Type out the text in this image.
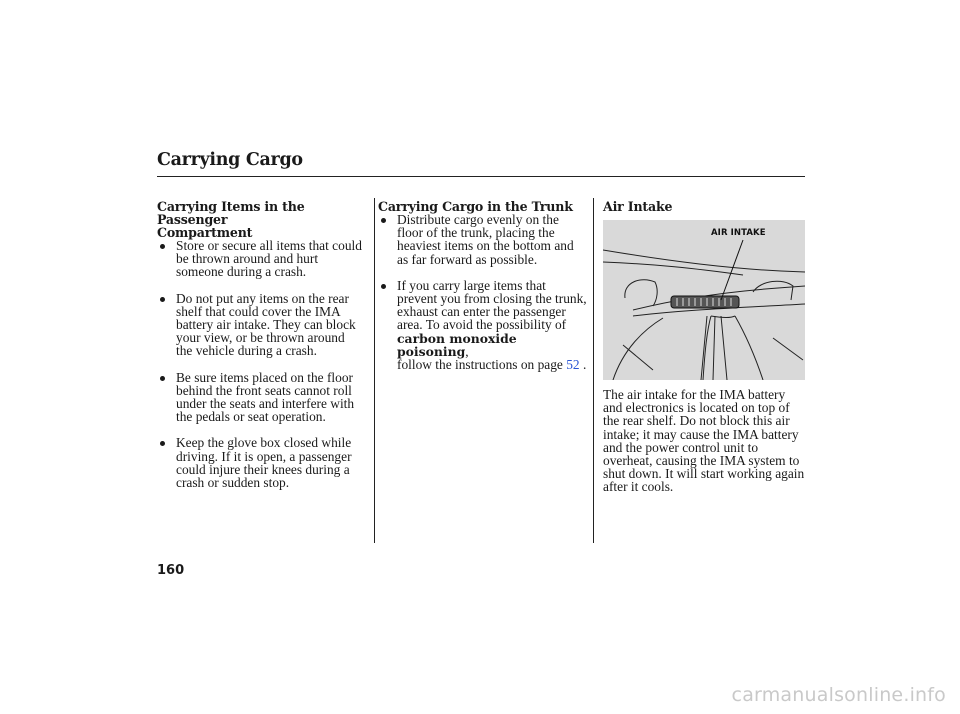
Carrying Cargo
Carrying Items in the Passenger
Compartment
Store or secure all items that could
be thrown around and hurt
someone during a crash.
Do not put any items on the rear
shelf that could cover the IMA
battery air intake. They can block
your view, or be thrown around
the vehicle during a crash.
Be sure items placed on the floor
behind the front seats cannot roll
under the seats and interfere with
the pedals or seat operation.
Keep the glove box closed while
driving. If it is open, a passenger
could injure their knees during a
crash or sudden stop.
Carrying Cargo in the Trunk
Distribute cargo evenly on the
floor of the trunk, placing the
heaviest items on the bottom and
as far forward as possible.
If you carry large items that
prevent you from closing the trunk,
exhaust can enter the passenger
area. To avoid the possibility of
carbon monoxide poisoning,
follow the instructions on page 52 .
Air Intake
AIR INTAKE

The air intake for the IMA battery
and electronics is located on top of
the rear shelf. Do not block this air
intake; it may cause the IMA battery
and the power control unit to
overheat, causing the IMA system to
shut down. It will start working again
after it cools.

160
carmanualsonline.info
